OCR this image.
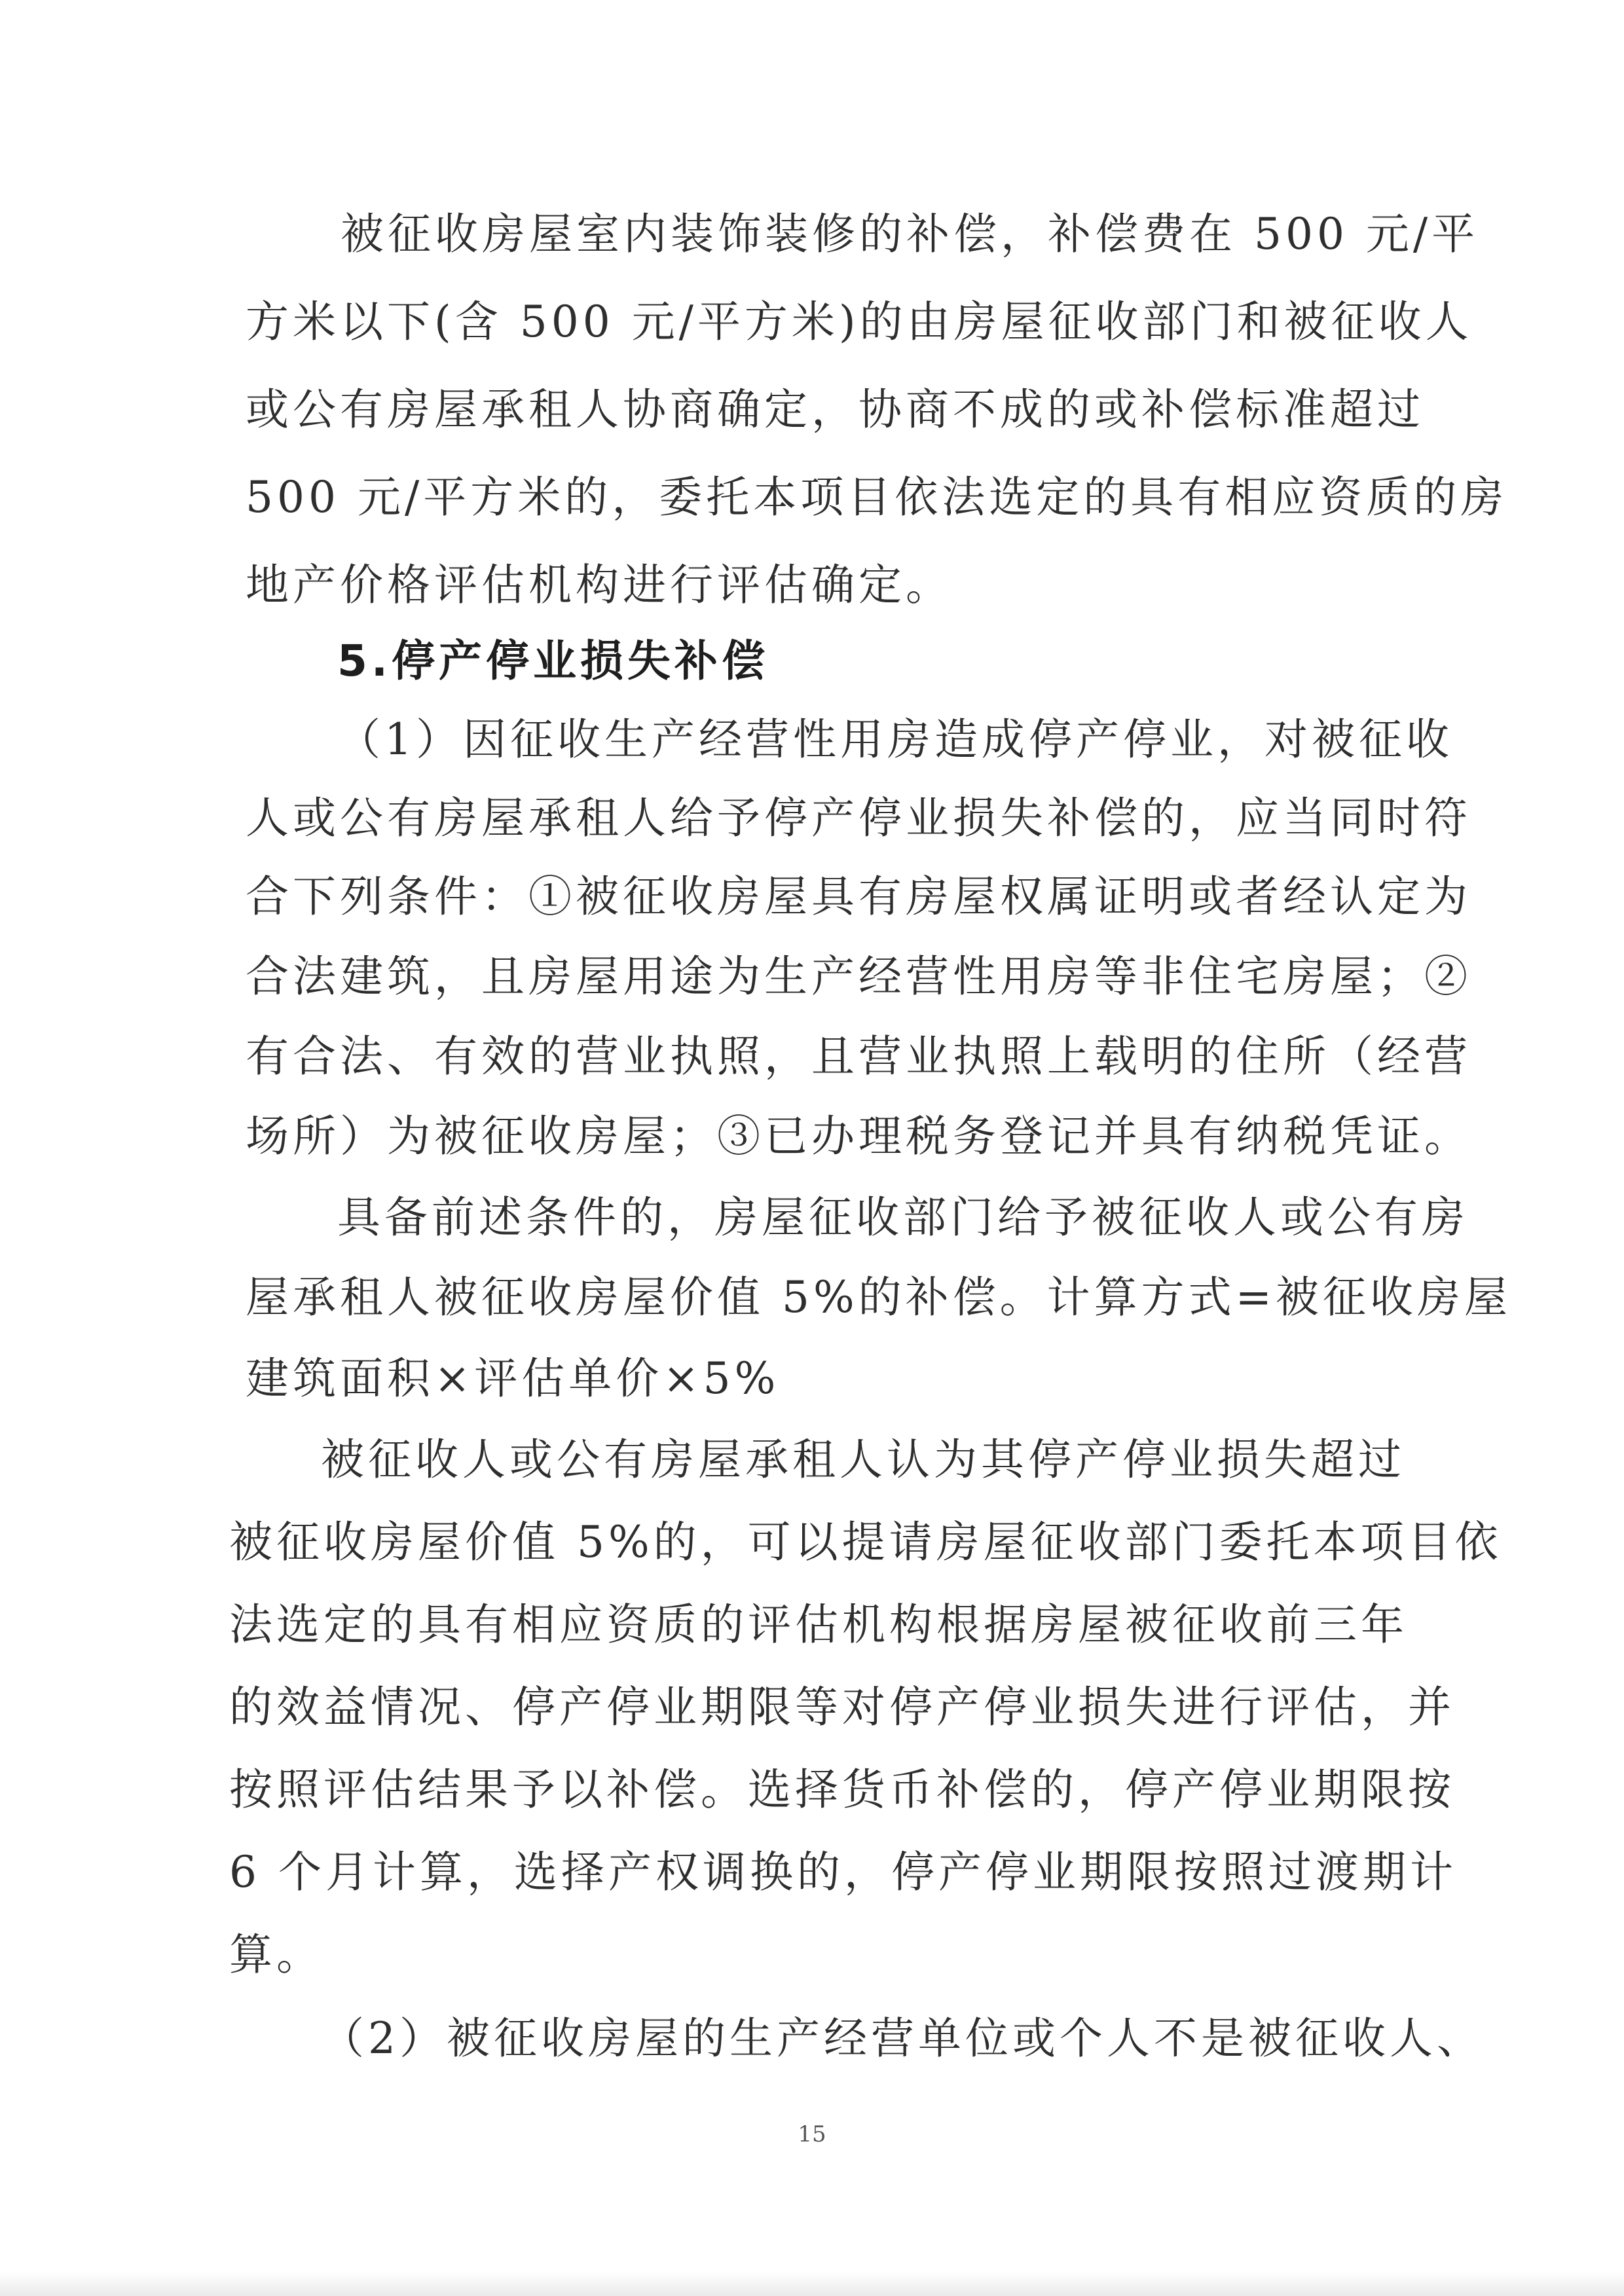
被征收房屋室内装饰装修的补偿，补偿费在 500 元/平
方米以下(含 500 元/平方米)的由房屋征收部门和被征收人
或公有房屋承租人协商确定，协商不成的或补偿标准超过
500 元/平方米的，委托本项目依法选定的具有相应资质的房
地产价格评估机构进行评估确定。
5.停产停业损失补偿
（1）因征收生产经营性用房造成停产停业，对被征收
人或公有房屋承租人给予停产停业损失补偿的，应当同时符
合下列条件：①被征收房屋具有房屋权属证明或者经认定为
合法建筑，且房屋用途为生产经营性用房等非住宅房屋；②
有合法、有效的营业执照，且营业执照上载明的住所（经营
场所）为被征收房屋；③已办理税务登记并具有纳税凭证。
具备前述条件的，房屋征收部门给予被征收人或公有房
屋承租人被征收房屋价值 5%的补偿。计算方式=被征收房屋
建筑面积×评估单价×5%
被征收人或公有房屋承租人认为其停产停业损失超过
被征收房屋价值 5%的，可以提请房屋征收部门委托本项目依
法选定的具有相应资质的评估机构根据房屋被征收前三年
的效益情况、停产停业期限等对停产停业损失进行评估，并
按照评估结果予以补偿。选择货币补偿的，停产停业期限按
6 个月计算，选择产权调换的，停产停业期限按照过渡期计
算。
（2）被征收房屋的生产经营单位或个人不是被征收人、
15
